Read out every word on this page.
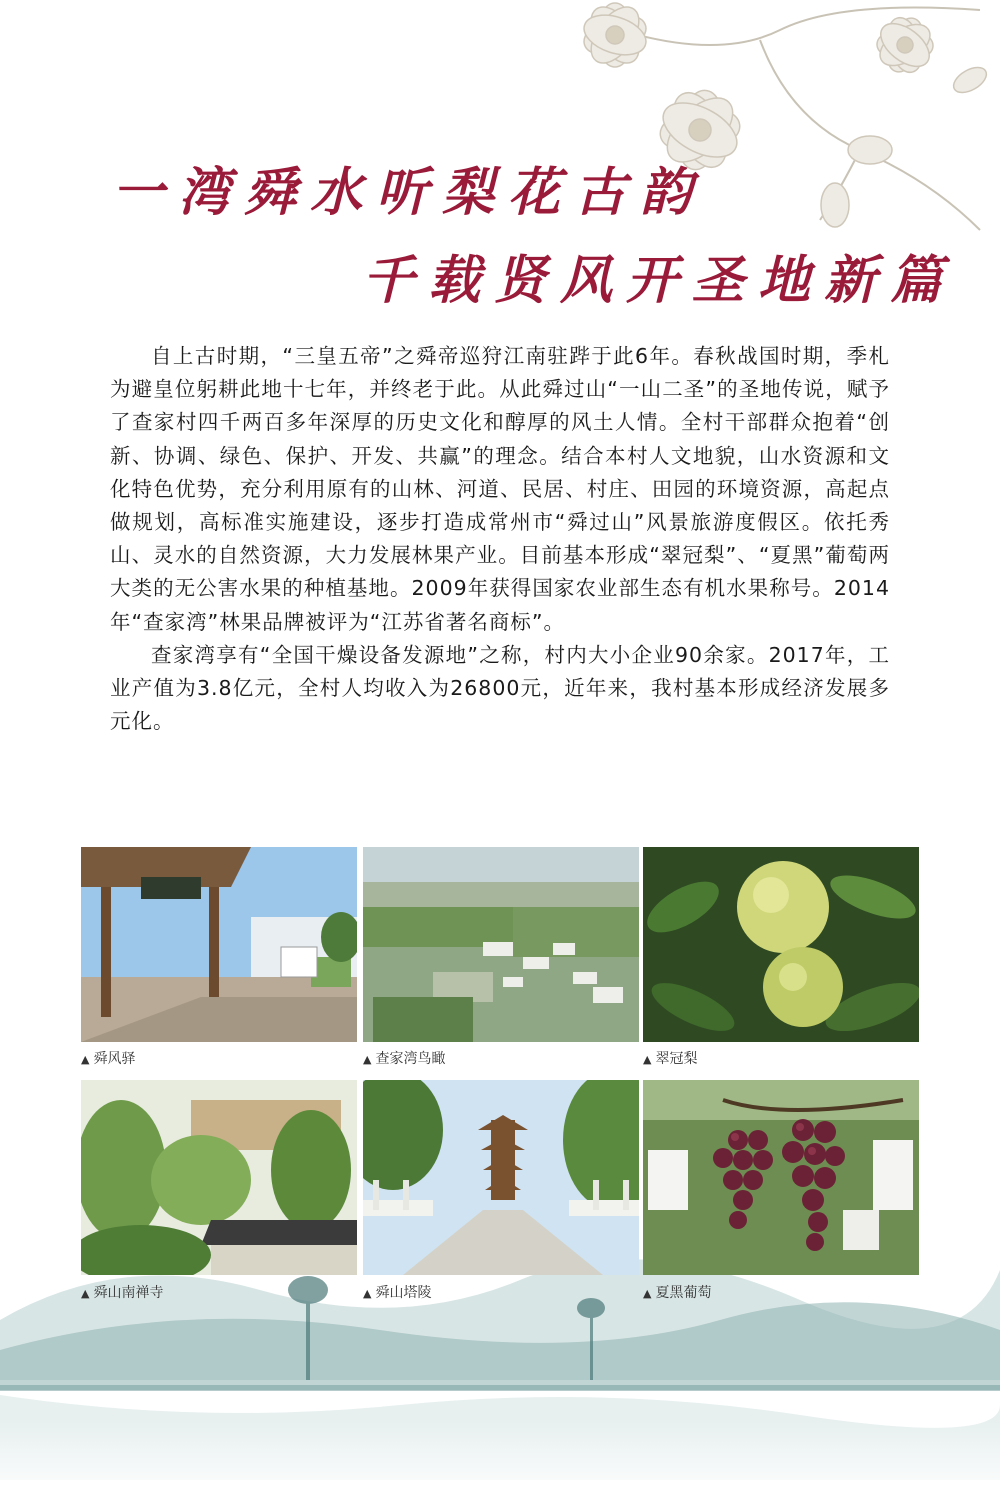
一湾舜水听梨花古韵
千载贤风开圣地新篇

自上古时期，“三皇五帝”之舜帝巡狩江南驻跸于此6年。春秋战国时期，季札为避皇位躬耕此地十七年，并终老于此。从此舜过山“一山二圣”的圣地传说，赋予了查家村四千两百多年深厚的历史文化和醇厚的风土人情。全村干部群众抱着“创新、协调、绿色、保护、开发、共赢”的理念。结合本村人文地貌，山水资源和文化特色优势，充分利用原有的山林、河道、民居、村庄、田园的环境资源，高起点做规划，高标准实施建设，逐步打造成常州市“舜过山”风景旅游度假区。依托秀山、灵水的自然资源，大力发展林果产业。目前基本形成“翠冠梨”、“夏黑”葡萄两大类的无公害水果的种植基地。2009年获得国家农业部生态有机水果称号。2014年“查家湾”林果品牌被评为“江苏省著名商标”。

查家湾享有“全国干燥设备发源地”之称，村内大小企业90余家。2017年，工业产值为3.8亿元，全村人均收入为26800元，近年来，我村基本形成经济发展多元化。

▲ 舜风驿	▲ 查家湾鸟瞰	▲ 翠冠梨
▲ 舜山南禅寺	▲ 舜山塔陵	▲ 夏黑葡萄
